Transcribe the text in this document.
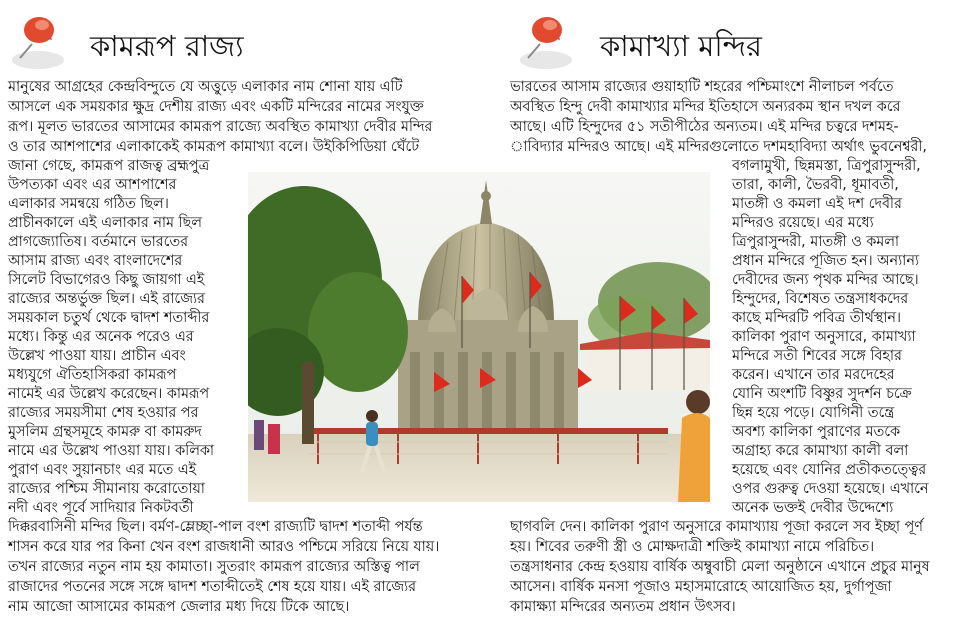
কামরূপ রাজ্য	কামাখ্যা মন্দির
মানুষের আগ্রহের কেন্দ্রবিন্দুতে যে অত্তুড়ে এলাকার নাম শোনা যায় এটি
আসলে এক সময়কার ক্ষুদ্র দেশীয় রাজ্য এবং একটি মন্দিরের নামের সংযুক্ত
রূপ। মূলত ভারতের আসামের কামরূপ রাজ্যে অবস্থিত কামাখ্যা দেবীর মন্দির
ও তার আশপাশের এলাকাকেই কামরূপ কামাখ্যা বলে। উইকিপিডিয়া ঘেঁটে
জানা গেছে, কামরূপ রাজত্ব ব্রহ্মপুত্র
উপত্যকা এবং এর আশপাশের
এলাকার সমন্বয়ে গঠিত ছিল।
প্রাচীনকালে এই এলাকার নাম ছিল
প্রাগজ্যোতিষ। বর্তমানে ভারতের
আসাম রাজ্য এবং বাংলাদেশের
সিলেট বিভাগেরও কিছু জায়গা এই
রাজ্যের অন্তর্ভুক্ত ছিল। এই রাজ্যের
সময়কাল চতুর্থ থেকে দ্বাদশ শতাব্দীর
মধ্যে। কিন্তু এর অনেক পরেও এর
উল্লেখ পাওয়া যায়। প্রাচীন এবং
মধ্যযুগে ঐতিহাসিকরা কামরূপ
নামেই এর উল্লেখ করেছেন। কামরূপ
রাজ্যের সময়সীমা শেষ হওয়ার পর
মুসলিম গ্রন্থসমূহে কামরু বা কামরুদ
নামে এর উল্লেখ পাওয়া যায়। কলিকা
পুরাণ এবং সুয়ানচাং এর মতে এই
রাজ্যের পশ্চিম সীমানায় করোতোয়া
নদী এবং পূর্বে সাদিয়ার নিকটবর্তী
দিক্করবাসিনী মন্দির ছিল। বর্মণ-ম্লেচ্ছা-পাল বংশ রাজ্যটি দ্বাদশ শতাব্দী পর্যন্ত
শাসন করে যার পর কিনা খেন বংশ রাজধানী আরও পশ্চিমে সরিয়ে নিয়ে যায়।
তখন রাজ্যের নতুন নাম হয় কামাতা। সুতরাং কামরূপ রাজ্যের অস্তিত্ব পাল
রাজাদের পতনের সঙ্গে সঙ্গে দ্বাদশ শতাব্দীতেই শেষ হয়ে যায়। এই রাজ্যের
নাম আজো আসামের কামরূপ জেলার মধ্য দিয়ে টিকে আছে।
ভারতের আসাম রাজ্যের গুয়াহাটি শহরের পশ্চিমাংশে নীলাচল পর্বতে
অবস্থিত হিন্দু দেবী কামাখ্যার মন্দির ইতিহাসে অন্যরকম স্থান দখল করে
আছে। এটি হিন্দুদের ৫১ সতীপীঠের অন্যতম। এই মন্দির চত্বরে দশমহ-
াবিদ্যার মন্দিরও আছে। এই মন্দিরগুলোতে দশমহাবিদ্যা অর্থাৎ ভুবনেশ্বরী,
বগলামুখী, ছিন্নমস্তা, ত্রিপুরাসুন্দরী,
তারা, কালী, ভৈরবী, ধূমাবতী,
মাতঙ্গী ও কমলা এই দশ দেবীর
মন্দিরও রয়েছে। এর মধ্যে
ত্রিপুরাসুন্দরী, মাতঙ্গী ও কমলা
প্রধান মন্দিরে পূজিত হন। অন্যান্য
দেবীদের জন্য পৃথক মন্দির আছে।
হিন্দুদের, বিশেষত তন্ত্রসাধকদের
কাছে মন্দিরটি পবিত্র তীর্থস্থান।
কালিকা পুরাণ অনুসারে, কামাখ্যা
মন্দিরে সতী শিবের সঙ্গে বিহার
করেন। এখানে তার মরদেহের
যোনি অংশটি বিষ্ণুর সুদর্শন চক্রে
ছিন্ন হয়ে পড়ে। যোগিনী তন্ত্রে
অবশ্য কালিকা পুরাণের মতকে
অগ্রাহ্য করে কামাখ্যা কালী বলা
হয়েছে এবং যোনির প্রতীকতত্ত্বের
ওপর গুরুত্ব দেওয়া হয়েছে। এখানে
অনেক ভক্তই দেবীর উদ্দেশ্যে
ছাগবলি দেন। কালিকা পুরাণ অনুসারে কামাখ্যায় পূজা করলে সব ইচ্ছা পূর্ণ
হয়। শিবের তরুণী স্ত্রী ও মোক্ষদাত্রী শক্তিই কামাখ্যা নামে পরিচিত।
তন্ত্রসাধনার কেন্দ্র হওয়ায় বার্ষিক অম্বুবাচী মেলা অনুষ্ঠানে এখানে প্রচুর মানুষ
আসেন। বার্ষিক মনসা পূজাও মহাসমারোহে আয়োজিত হয়, দুর্গাপূজা
কামাক্ষ্যা মন্দিরের অন্যতম প্রধান উৎসব।
